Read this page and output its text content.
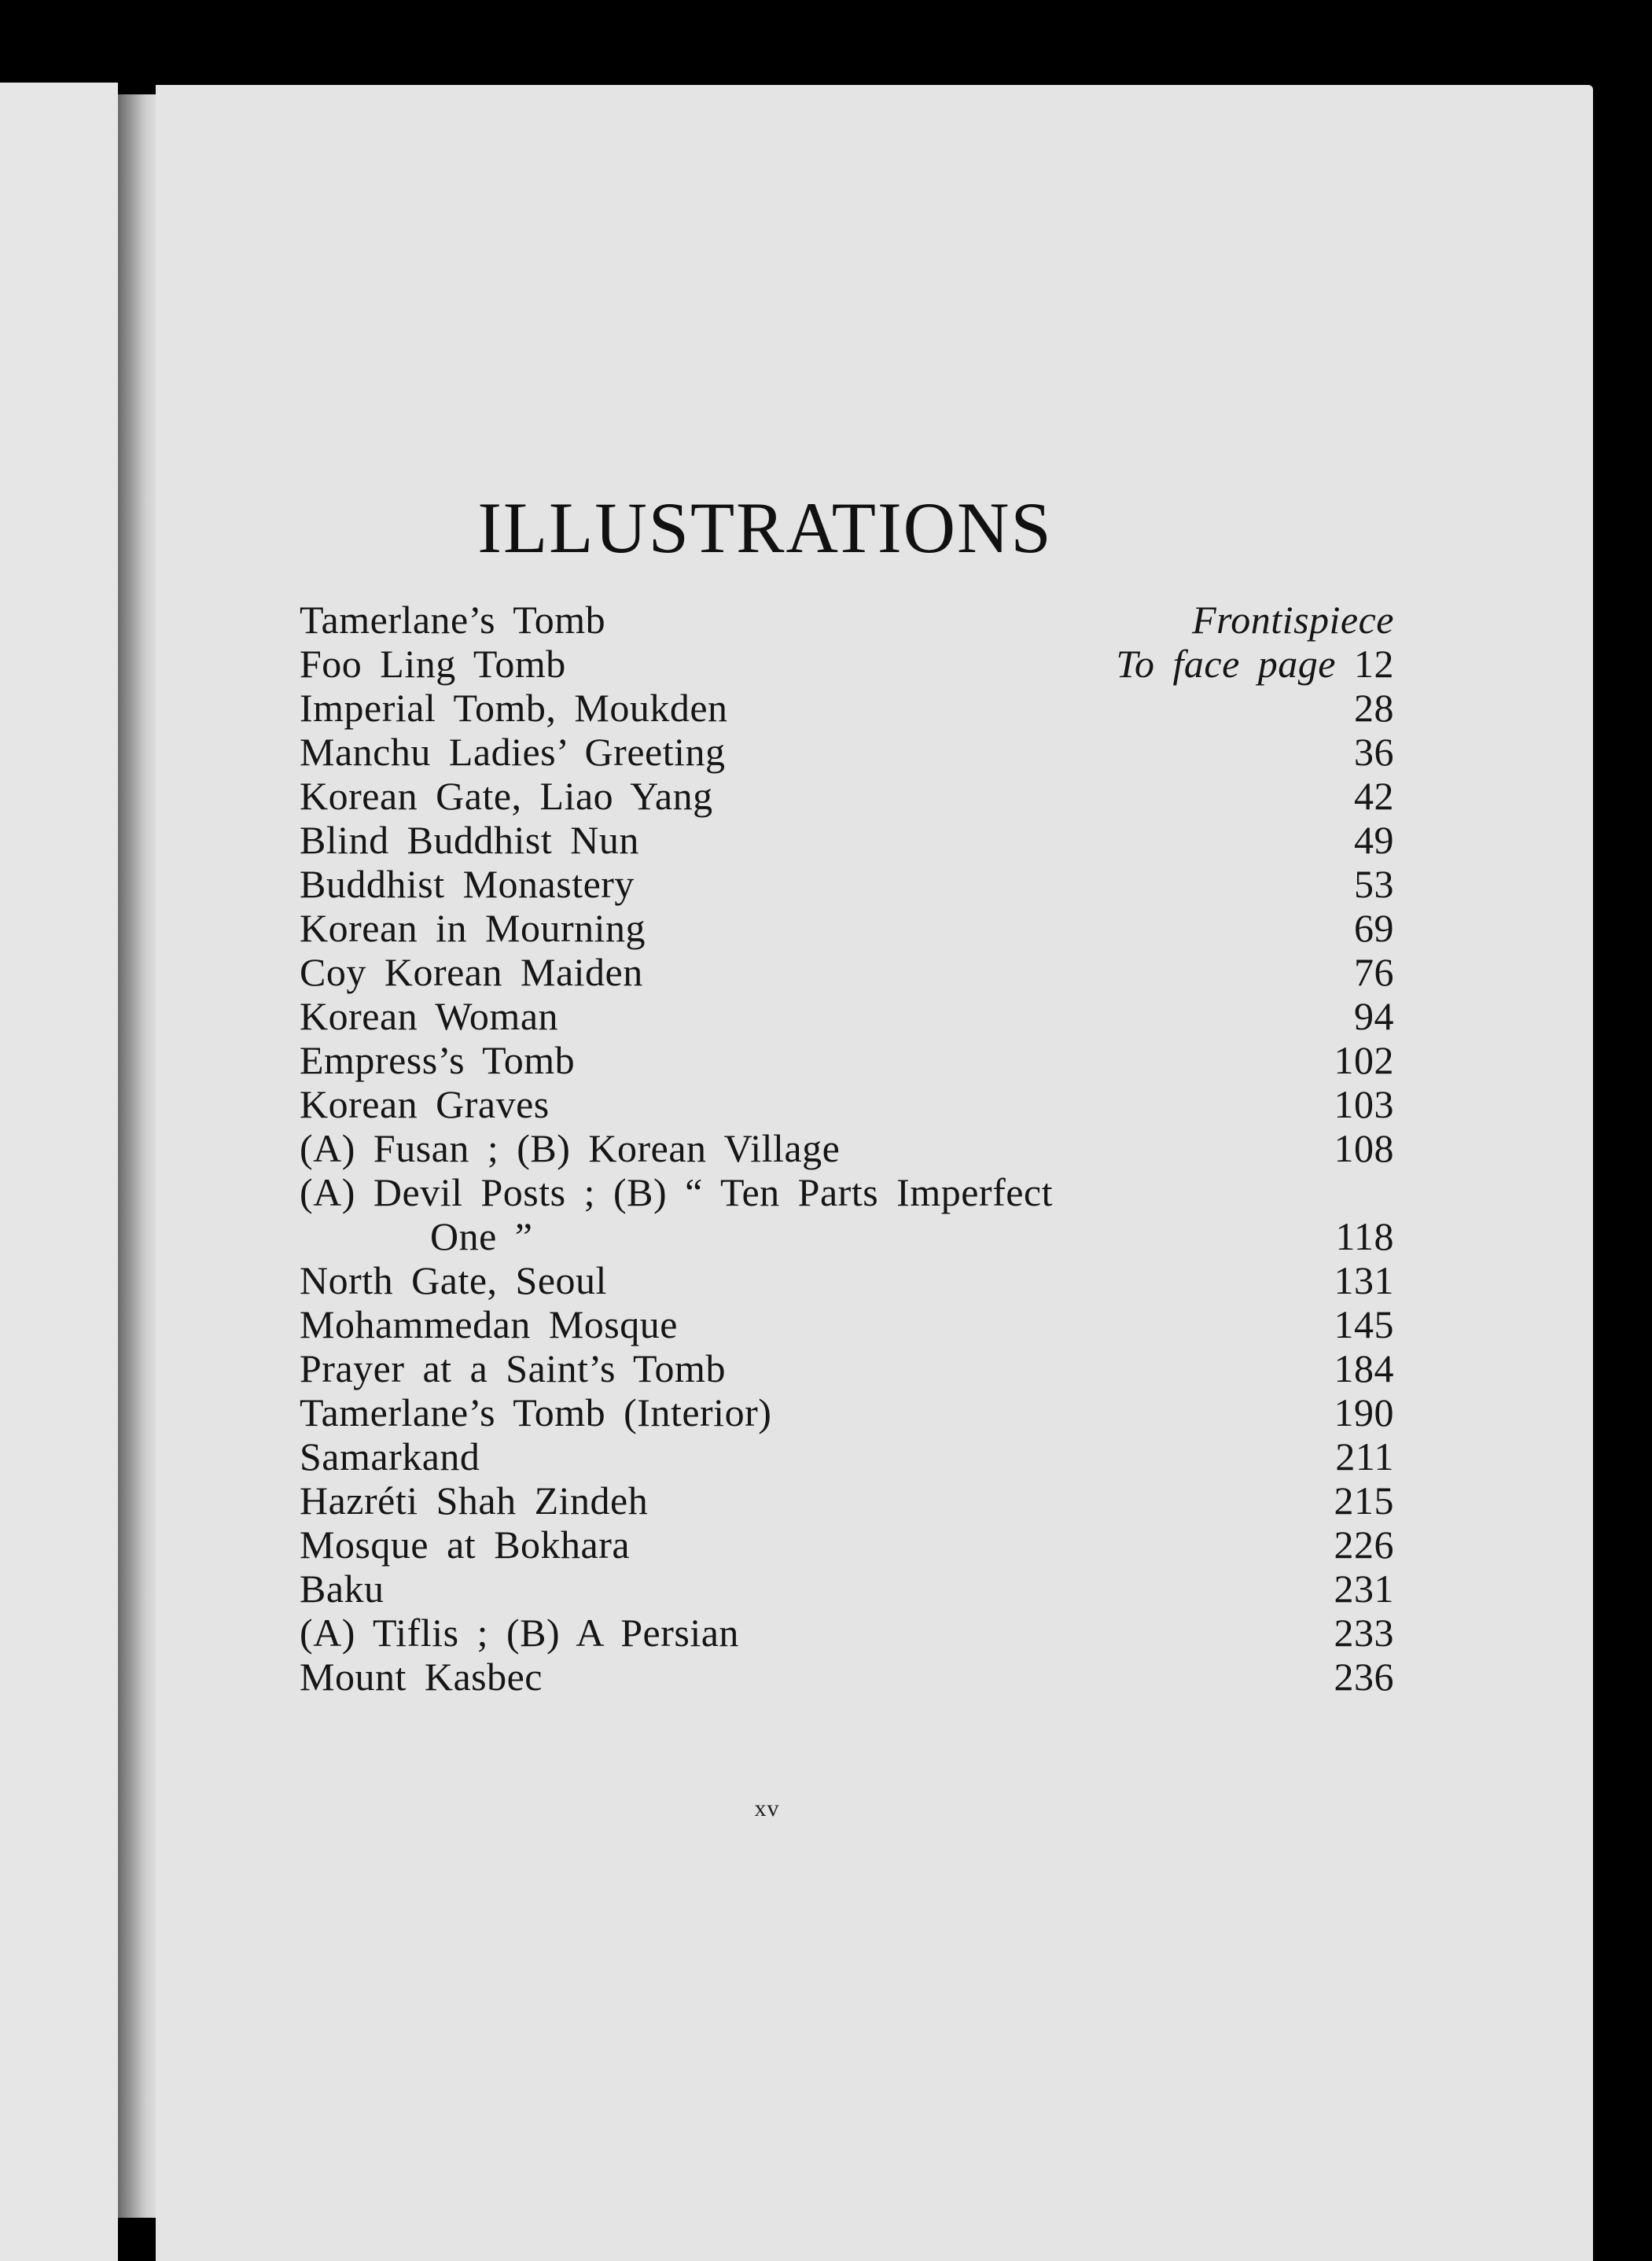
ILLUSTRATIONS
Tamerlane’s Tomb	Frontispiece
Foo Ling Tomb	To face page 12
Imperial Tomb, Moukden	28
Manchu Ladies’ Greeting	36
Korean Gate, Liao Yang	42
Blind Buddhist Nun	49
Buddhist Monastery	53
Korean in Mourning	69
Coy Korean Maiden	76
Korean Woman	94
Empress’s Tomb	102
Korean Graves	103
(A) Fusan ; (B) Korean Village	108
(A) Devil Posts ; (B) “ Ten Parts Imperfect
One ”	118
North Gate, Seoul	131
Mohammedan Mosque	145
Prayer at a Saint’s Tomb	184
Tamerlane’s Tomb (Interior)	190
Samarkand	211
Hazréti Shah Zindeh	215
Mosque at Bokhara	226
Baku	231
(A) Tiflis ; (B) A Persian	233
Mount Kasbec	236
xv
